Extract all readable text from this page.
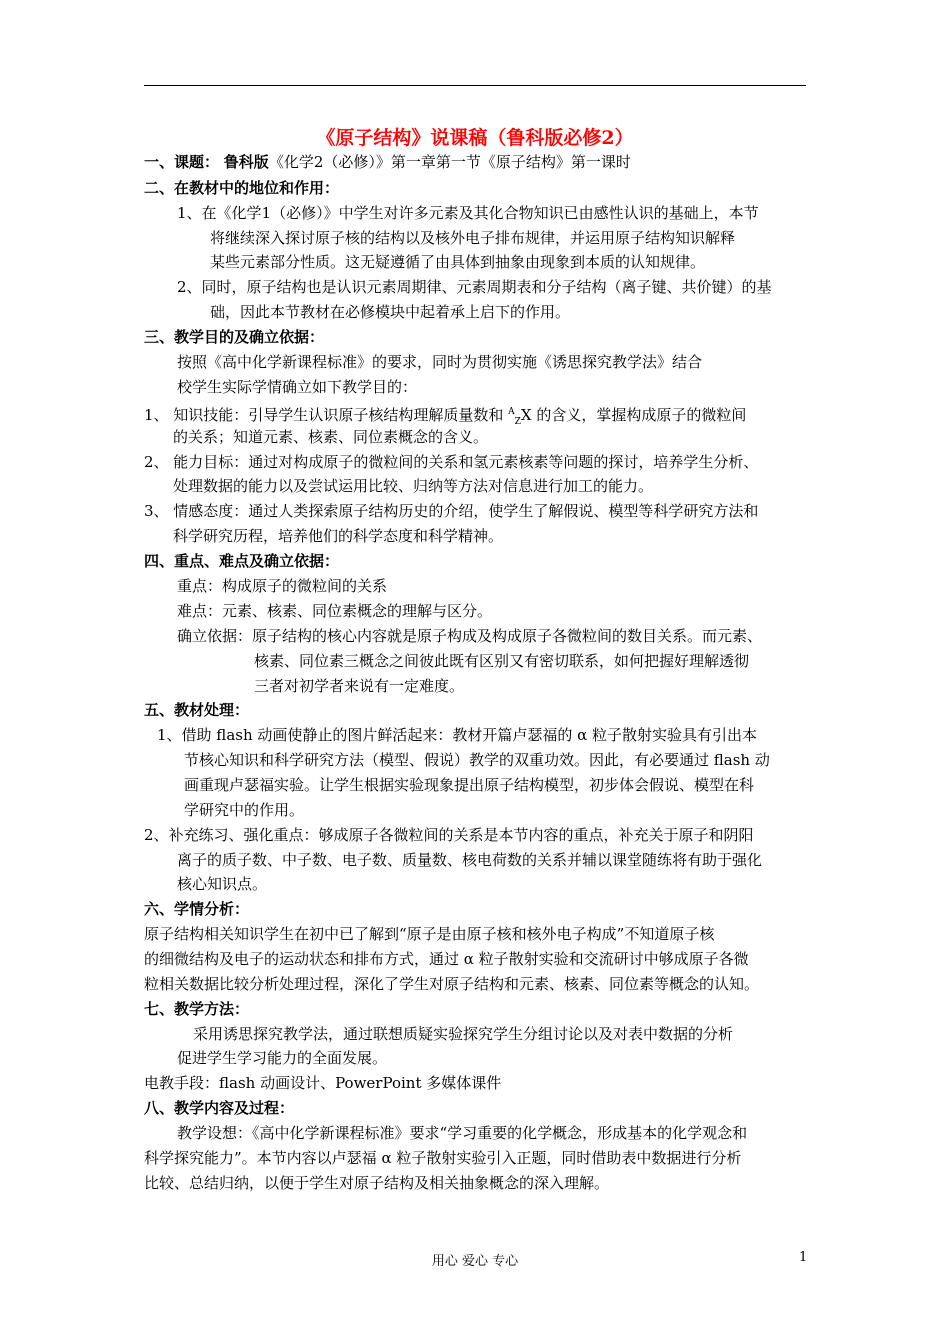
《原子结构》说课稿（鲁科版必修2）
一、课题： 鲁科版《化学2（必修）》第一章第一节《原子结构》第一课时
二、在教材中的地位和作用：
1、在《化学1（必修）》中学生对许多元素及其化合物知识已由感性认识的基础上，本节
将继续深入探讨原子核的结构以及核外电子排布规律，并运用原子结构知识解释
某些元素部分性质。这无疑遵循了由具体到抽象由现象到本质的认知规律。
2、同时，原子结构也是认识元素周期律、元素周期表和分子结构（离子键、共价键）的基
础，因此本节教材在必修模块中起着承上启下的作用。
三、教学目的及确立依据：
按照《高中化学新课程标准》的要求，同时为贯彻实施《诱思探究教学法》结合
校学生实际学情确立如下教学目的：
1、 知识技能：引导学生认识原子核结构理解质量数和 $^A_Z$X 的含义，掌握构成原子的微粒间
的关系；知道元素、核素、同位素概念的含义。
2、 能力目标：通过对构成原子的微粒间的关系和氢元素核素等问题的探讨，培养学生分析、
处理数据的能力以及尝试运用比较、归纳等方法对信息进行加工的能力。
3、 情感态度：通过人类探索原子结构历史的介绍，使学生了解假说、模型等科学研究方法和
科学研究历程，培养他们的科学态度和科学精神。
四、重点、难点及确立依据：
重点：构成原子的微粒间的关系
难点：元素、核素、同位素概念的理解与区分。
确立依据：原子结构的核心内容就是原子构成及构成原子各微粒间的数目关系。而元素、
核素、同位素三概念之间彼此既有区别又有密切联系，如何把握好理解透彻
三者对初学者来说有一定难度。
五、教材处理：
1、借助 flash 动画使静止的图片鲜活起来：教材开篇卢瑟福的 α 粒子散射实验具有引出本
节核心知识和科学研究方法（模型、假说）教学的双重功效。因此，有必要通过 flash 动
画重现卢瑟福实验。让学生根据实验现象提出原子结构模型，初步体会假说、模型在科
学研究中的作用。
2、补充练习、强化重点：够成原子各微粒间的关系是本节内容的重点，补充关于原子和阴阳
离子的质子数、中子数、电子数、质量数、核电荷数的关系并辅以课堂随练将有助于强化
核心知识点。
六、学情分析：
原子结构相关知识学生在初中已了解到“原子是由原子核和核外电子构成”不知道原子核
的细微结构及电子的运动状态和排布方式，通过 α 粒子散射实验和交流研讨中够成原子各微
粒相关数据比较分析处理过程，深化了学生对原子结构和元素、核素、同位素等概念的认知。
七、教学方法：
采用诱思探究教学法，通过联想质疑实验探究学生分组讨论以及对表中数据的分析
促进学生学习能力的全面发展。
电教手段：flash 动画设计、PowerPoint 多媒体课件
八、教学内容及过程：
教学设想：《高中化学新课程标准》要求“学习重要的化学概念，形成基本的化学观念和
科学探究能力”。本节内容以卢瑟福 α 粒子散射实验引入正题，同时借助表中数据进行分析
比较、总结归纳，以便于学生对原子结构及相关抽象概念的深入理解。
用心 爱心 专心	1
